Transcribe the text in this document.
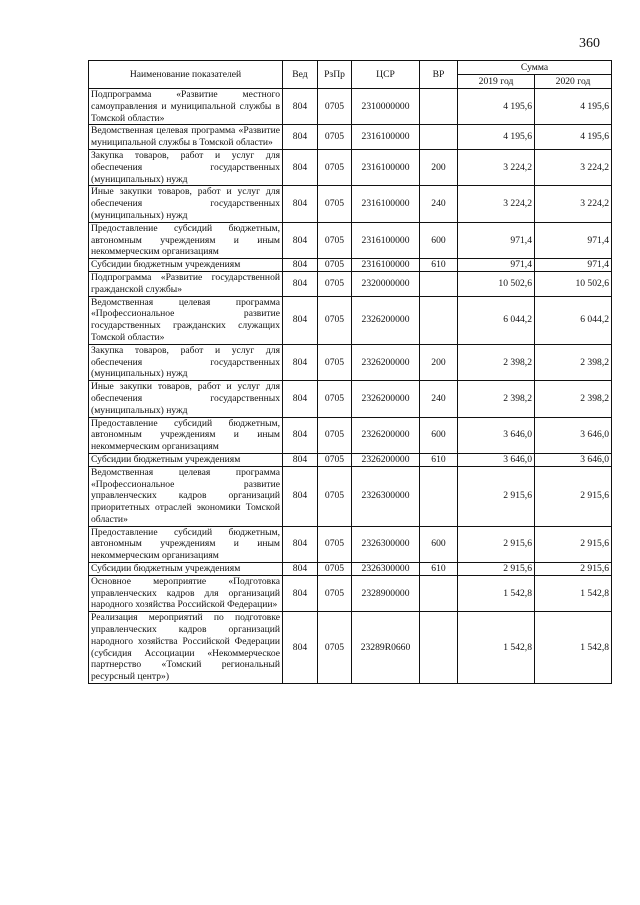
360
Наименование показателей	Вед	РзПр	ЦСР	ВР	Сумма	
					2019 год	2020 год
Подпрограмма «Развитие местного самоуправления и муниципальной службы в Томской области»	804	0705	2310000000		4 195,6	4 195,6
Ведомственная целевая программа «Развитие муниципальной службы в Томской области»	804	0705	2316100000		4 195,6	4 195,6
Закупка товаров, работ и услуг для обеспечения государственных (муниципальных) нужд	804	0705	2316100000	200	3 224,2	3 224,2
Иные закупки товаров, работ и услуг для обеспечения государственных (муниципальных) нужд	804	0705	2316100000	240	3 224,2	3 224,2
Предоставление субсидий бюджетным, автономным учреждениям и иным некоммерческим организациям	804	0705	2316100000	600	971,4	971,4
Субсидии бюджетным учреждениям	804	0705	2316100000	610	971,4	971,4
Подпрограмма «Развитие государственной гражданской службы»	804	0705	2320000000		10 502,6	10 502,6
Ведомственная целевая программа «Профессиональное развитие государственных гражданских служащих Томской области»	804	0705	2326200000		6 044,2	6 044,2
Закупка товаров, работ и услуг для обеспечения государственных (муниципальных) нужд	804	0705	2326200000	200	2 398,2	2 398,2
Иные закупки товаров, работ и услуг для обеспечения государственных (муниципальных) нужд	804	0705	2326200000	240	2 398,2	2 398,2
Предоставление субсидий бюджетным, автономным учреждениям и иным некоммерческим организациям	804	0705	2326200000	600	3 646,0	3 646,0
Субсидии бюджетным учреждениям	804	0705	2326200000	610	3 646,0	3 646,0
Ведомственная целевая программа «Профессиональное развитие управленческих кадров организаций приоритетных отраслей экономики Томской области»	804	0705	2326300000		2 915,6	2 915,6
Предоставление субсидий бюджетным, автономным учреждениям и иным некоммерческим организациям	804	0705	2326300000	600	2 915,6	2 915,6
Субсидии бюджетным учреждениям	804	0705	2326300000	610	2 915,6	2 915,6
Основное мероприятие «Подготовка управленческих кадров для организаций народного хозяйства Российской Федерации»	804	0705	2328900000		1 542,8	1 542,8
Реализация мероприятий по подготовке управленческих кадров организаций народного хозяйства Российской Федерации (субсидия Ассоциации «Некоммерческое партнерство «Томский региональный ресурсный центр»)	804	0705	23289R0660		1 542,8	1 542,8
